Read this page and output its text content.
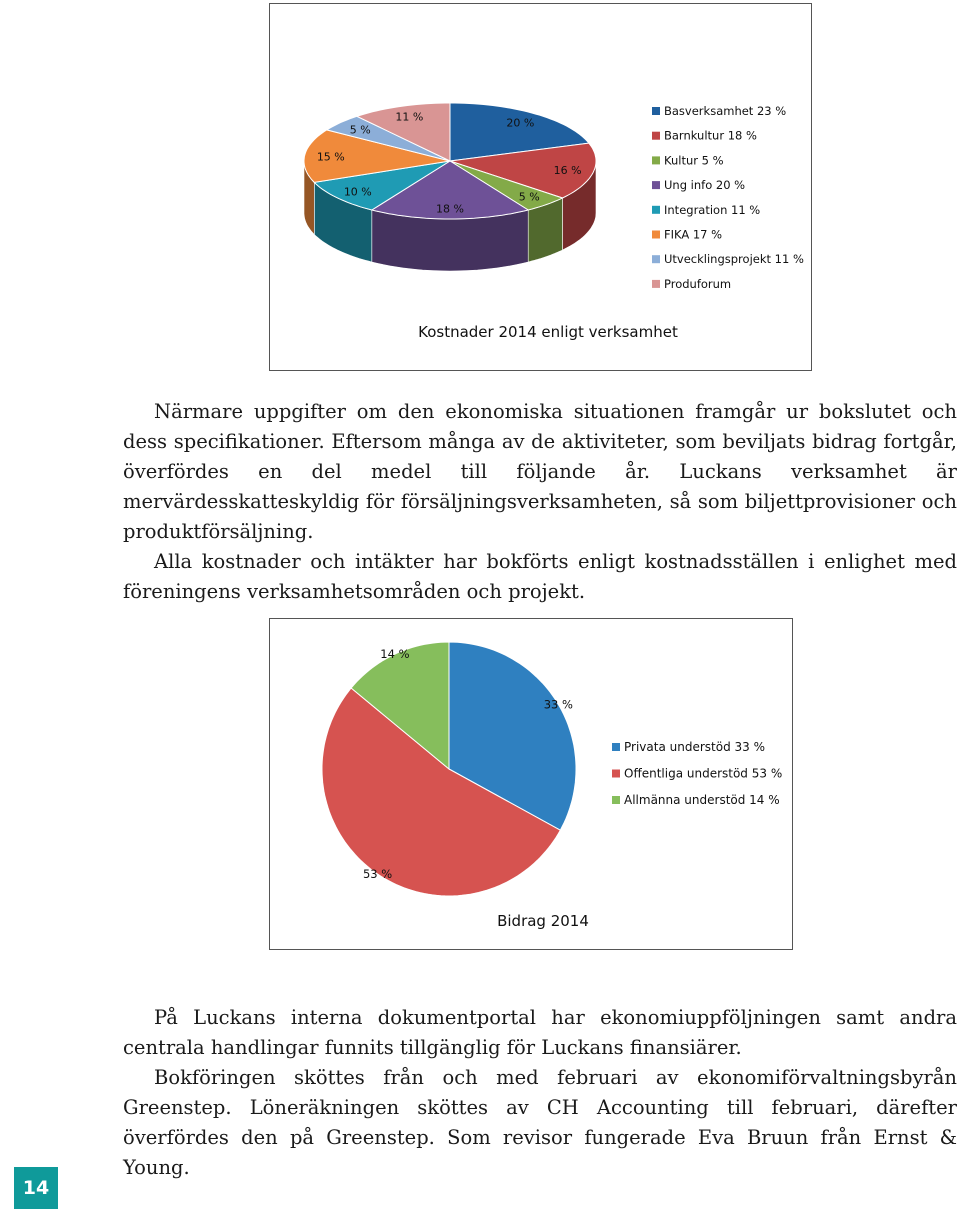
20 %
16 %
5 %
18 %
10 %
15 %
5 %
11 %	Basverksamhet 23 %
Barnkultur 18 %
Kultur 5 %
Ung info 20 %
Integration 11 %
FIKA 17 %
Utvecklingsprojekt 11 %
Produforum
Kostnader 2014 enligt verksamhet

Närmare uppgifter om den ekonomiska situationen framgår ur bokslutet och dess specifikationer. Eftersom många av de aktiviteter, som beviljats bidrag fortgår, överfördes en del medel till följande år. Luckans verksamhet är mervärdesskatteskyldig för försäljningsverksamheten, så som biljettprovisioner och produktförsäljning.

Alla kostnader och intäkter har bokförts enligt kostnadsställen i enlighet med föreningens verksamhetsområden och projekt.

33 %
53 %
14 %
Privata understöd 33 %
Offentliga understöd 53 %
Allmänna understöd 14 %
Bidrag 2014

På Luckans interna dokumentportal har ekonomiuppföljningen samt andra centrala handlingar funnits tillgänglig för Luckans finansiärer.

Bokföringen sköttes från och med februari av ekonomiförvaltningsbyrån Greenstep. Löneräkningen sköttes av CH Accounting till februari, därefter överfördes den på Greenstep. Som revisor fungerade Eva Bruun från Ernst & Young.

14
